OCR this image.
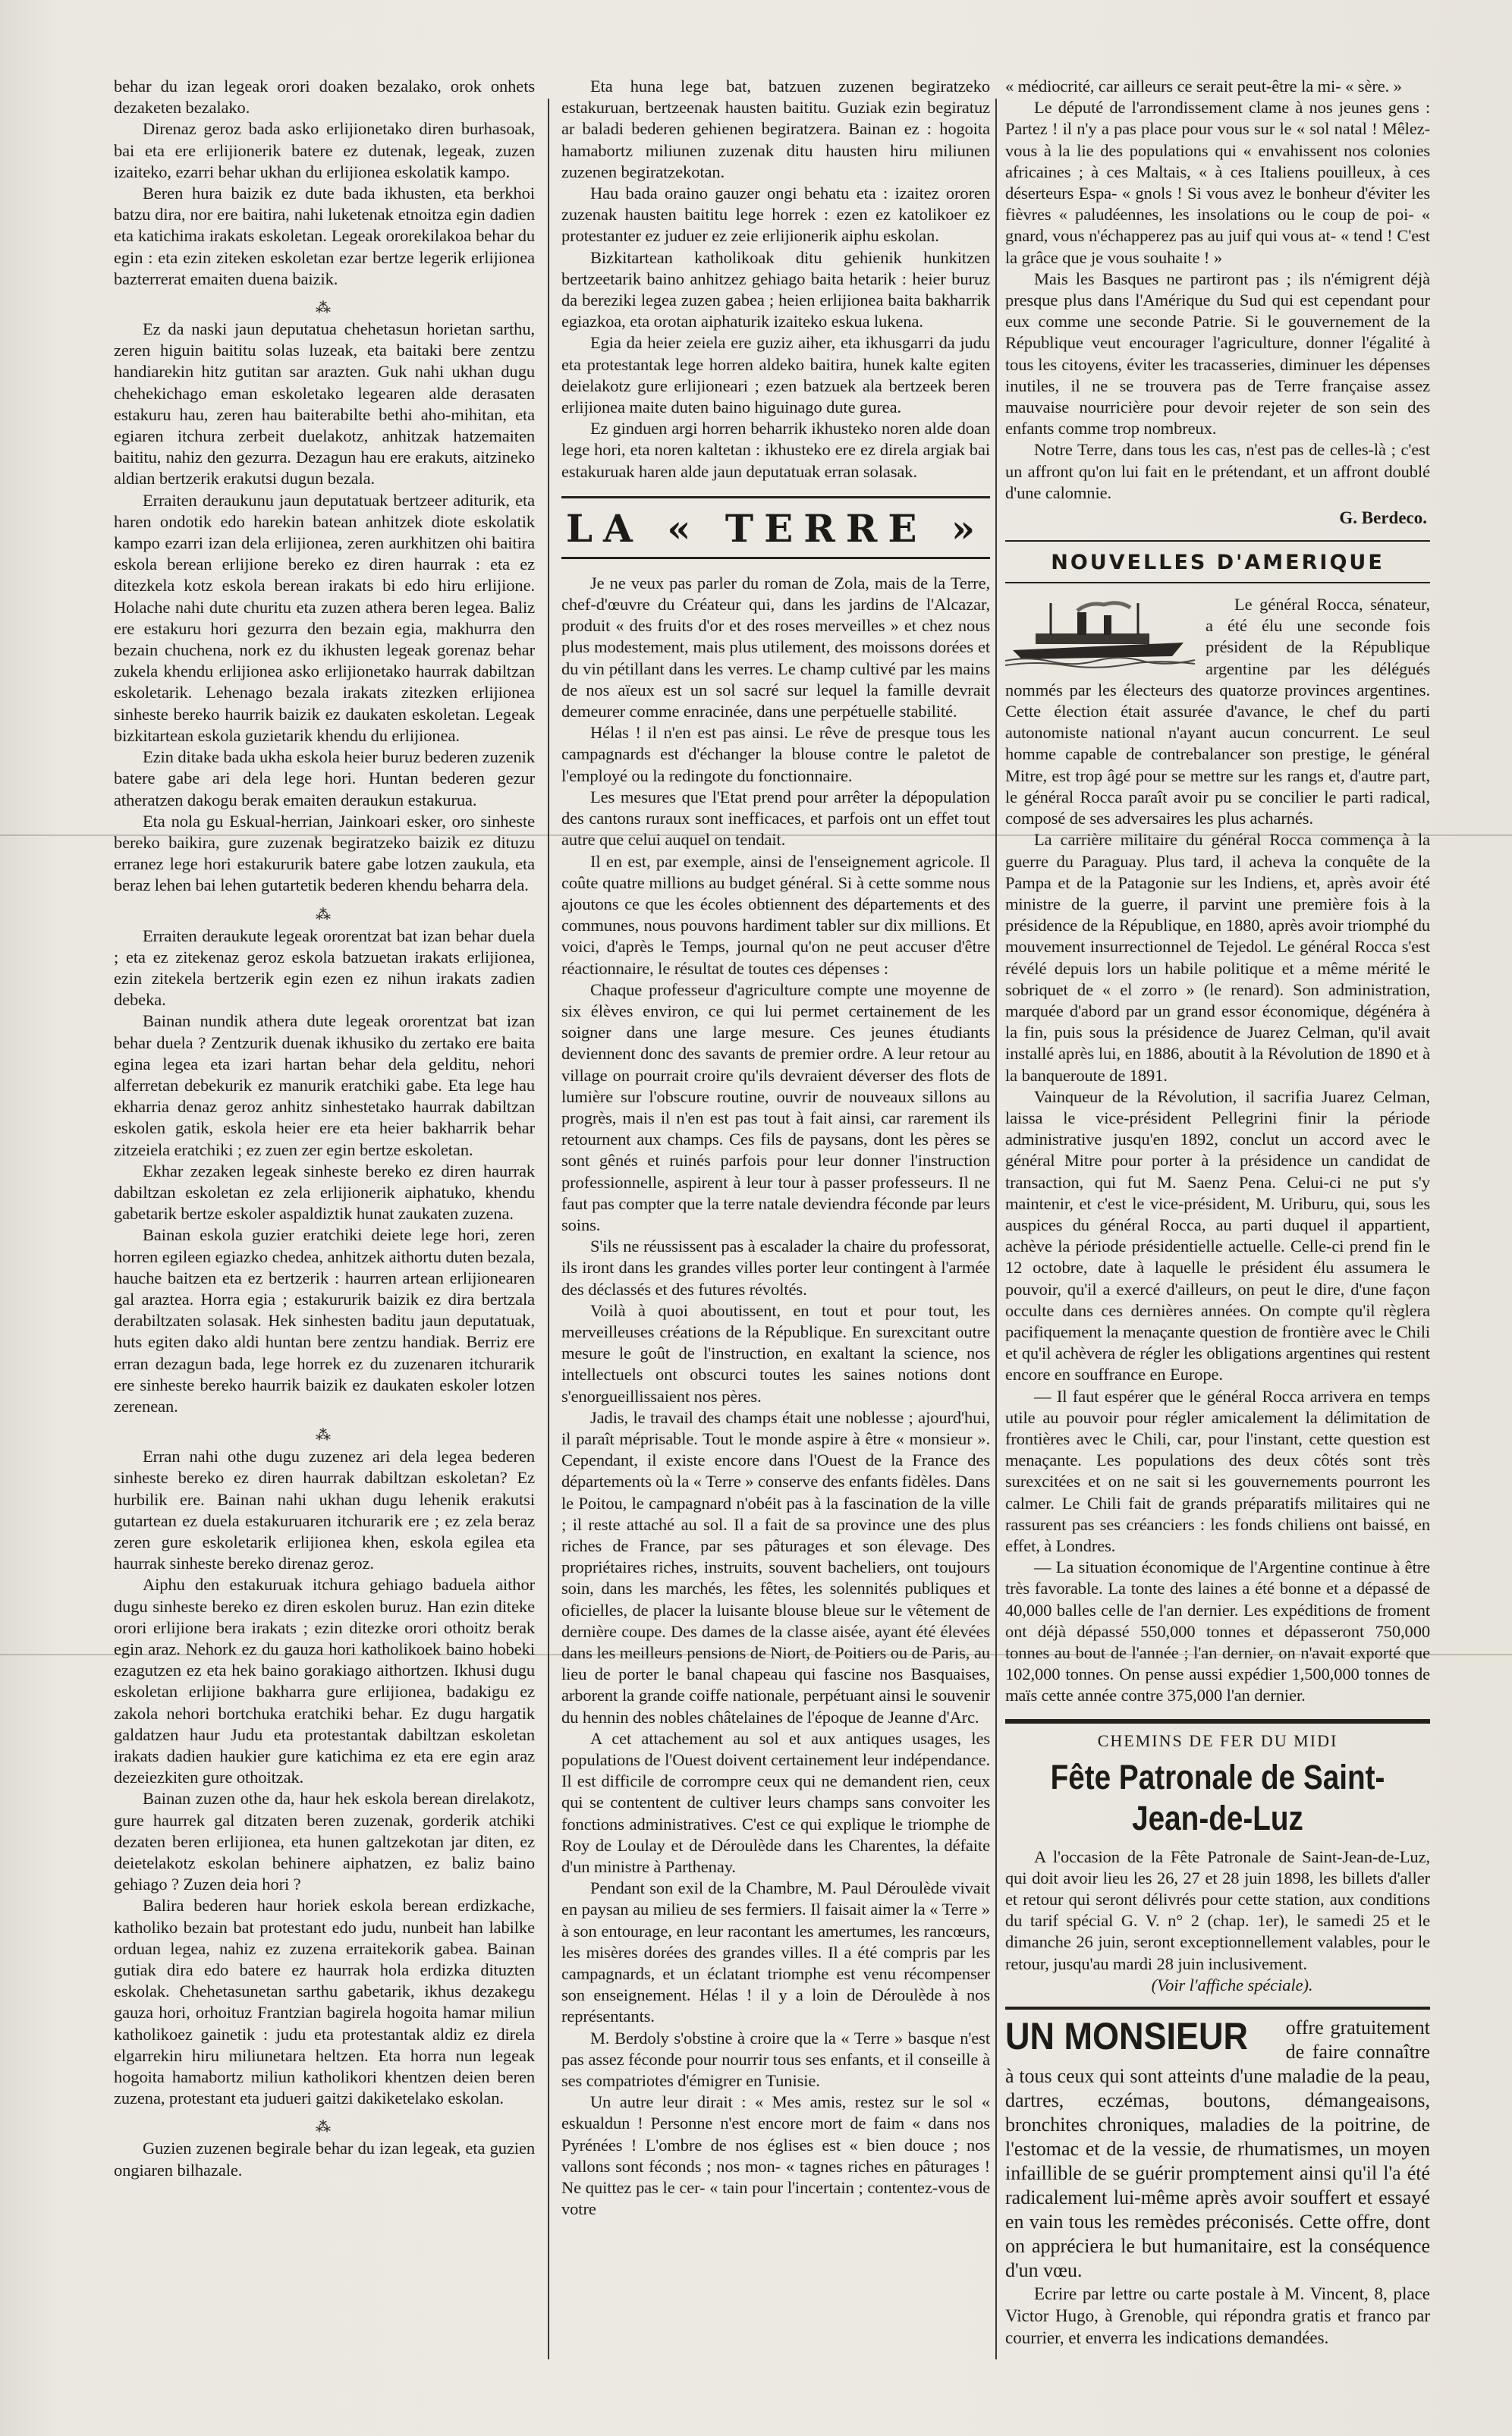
behar du izan legeak orori doaken bezalako, orok onhets dezaketen bezalako.

Direnaz geroz bada asko erlijionetako diren burhasoak, bai eta ere erlijionerik batere ez dutenak, legeak, zuzen izaiteko, ezarri behar ukhan du erlijionea eskolatik kampo.

Beren hura baizik ez dute bada ikhusten, eta berkhoi batzu dira, nor ere baitira, nahi luketenak etnoitza egin dadien eta katichima irakats eskoletan. Legeak ororekilakoa behar du egin : eta ezin ziteken eskoletan ezar bertze legerik erlijionea bazterrerat emaiten duena baizik.

⁂

Ez da naski jaun deputatua chehetasun horietan sarthu, zeren higuin baititu solas luzeak, eta baitaki bere zentzu handiarekin hitz gutitan sar arazten. Guk nahi ukhan dugu chehekichago eman eskoletako legearen alde derasaten estakuru hau, zeren hau baiterabilte bethi aho-mihitan, eta egiaren itchura zerbeit duelakotz, anhitzak hatzemaiten baititu, nahiz den gezurra. Dezagun hau ere erakuts, aitzineko aldian bertzerik erakutsi dugun bezala.

Erraiten deraukunu jaun deputatuak bertzeer aditurik, eta haren ondotik edo harekin batean anhitzek diote eskolatik kampo ezarri izan dela erlijionea, zeren aurkhitzen ohi baitira eskola berean erlijione bereko ez diren haurrak : eta ez ditezkela kotz eskola berean irakats bi edo hiru erlijione. Holache nahi dute churitu eta zuzen athera beren legea. Baliz ere estakuru hori gezurra den bezain egia, makhurra den bezain chuchena, nork ez du ikhusten legeak gorenaz behar zukela khendu erlijionea asko erlijionetako haurrak dabiltzan eskoletarik. Lehenago bezala irakats zitezken erlijionea sinheste bereko haurrik baizik ez daukaten eskoletan. Legeak bizkitartean eskola guzietarik khendu du erlijionea.

Ezin ditake bada ukha eskola heier buruz bederen zuzenik batere gabe ari dela lege hori. Huntan bederen gezur atheratzen dakogu berak emaiten deraukun estakurua.

Eta nola gu Eskual-herrian, Jainkoari esker, oro sinheste bereko baikira, gure zuzenak begiratzeko baizik ez dituzu erranez lege hori estakururik batere gabe lotzen zaukula, eta beraz lehen bai lehen gutartetik bederen khendu beharra dela.

⁂

Erraiten deraukute legeak ororentzat bat izan behar duela ; eta ez zitekenaz geroz eskola batzuetan irakats erlijionea, ezin zitekela bertzerik egin ezen ez nihun irakats zadien debeka.

Bainan nundik athera dute legeak ororentzat bat izan behar duela ? Zentzurik duenak ikhusiko du zertako ere baita egina legea eta izari hartan behar dela gelditu, nehori alferretan debekurik ez manurik eratchiki gabe. Eta lege hau ekharria denaz geroz anhitz sinhestetako haurrak dabiltzan eskolen gatik, eskola heier ere eta heier bakharrik behar zitzeiela eratchiki ; ez zuen zer egin bertze eskoletan.

Ekhar zezaken legeak sinheste bereko ez diren haurrak dabiltzan eskoletan ez zela erlijionerik aiphatuko, khendu gabetarik bertze eskoler aspaldiztik hunat zaukaten zuzena.

Bainan eskola guzier eratchiki deiete lege hori, zeren horren egileen egiazko chedea, anhitzek aithortu duten bezala, hauche baitzen eta ez bertzerik : haurren artean erlijionearen gal araztea. Horra egia ; estakururik baizik ez dira bertzala derabiltzaten solasak. Hek sinhesten baditu jaun deputatuak, huts egiten dako aldi huntan bere zentzu handiak. Berriz ere erran dezagun bada, lege horrek ez du zuzenaren itchurarik ere sinheste bereko haurrik baizik ez daukaten eskoler lotzen zerenean.

⁂

Erran nahi othe dugu zuzenez ari dela legea bederen sinheste bereko ez diren haurrak dabiltzan eskoletan? Ez hurbilik ere. Bainan nahi ukhan dugu lehenik erakutsi gutartean ez duela estakuruaren itchurarik ere ; ez zela beraz zeren gure eskoletarik erlijionea khen, eskola egilea eta haurrak sinheste bereko direnaz geroz.

Aiphu den estakuruak itchura gehiago baduela aithor dugu sinheste bereko ez diren eskolen buruz. Han ezin ditekе orori erlijione bera irakats ; ezin ditezke orori othoitz berak egin araz. Nehork ez du gauza hori katholikoek baino hobeki ezagutzen ez eta hek baino gorakiago aithortzen. Ikhusi dugu eskoletan erlijione bakharra gure erlijionea, badakigu ez zakola nehori bortchuka eratchiki behar. Ez dugu hargatik galdatzen haur Judu eta protestantak dabiltzan eskoletan irakats dadien haukier gure katichima ez eta ere egin araz dezeiezkiten gure othoitzak.

Bainan zuzen othe da, haur hek eskola berean direlakotz, gure haurrek gal ditzaten beren zuzenak, gorderik atchiki dezaten beren erlijionea, eta hunen galtzekotan jar diten, ez deietelakotz eskolan behinere aiphatzen, ez baliz baino gehiago ? Zuzen deia hori ?

Balira bederen haur horiek eskola berean erdizkache, katholiko bezain bat protestant edo judu, nunbeit han labilke orduan legea, nahiz ez zuzena erraitekorik gabea. Bainan gutiak dira edo batere ez haurrak hola erdizka dituzten eskolak. Chehetasunetan sarthu gabetarik, ikhus dezakegu gauza hori, orhoituz Frantzian bagirela hogoita hamar miliun katholikoez gainetik : judu eta protestantak aldiz ez direla elgarrekin hiru miliunetara heltzen. Eta horra nun legeak hogoita hamabortz miliun katholikori khentzen deien beren zuzena, protestant eta judueri gaitzi dakiketelako eskolan.

⁂

Guzien zuzenen begirale behar du izan legeak, eta guzien ongiaren bilhazale.

Eta huna lege bat, batzuen zuzenen begiratzeko estakuruan, bertzeenak hausten baititu. Guziak ezin begiratuz ar baladi bederen gehienen begiratzera. Bainan ez : hogoita hamabortz miliunen zuzenak ditu hausten hiru miliunen zuzenen begiratzekotan.

Hau bada oraino gauzer ongi behatu eta : izaitez ororen zuzenak hausten baititu lege horrek : ezen ez katolikoer ez protestanter ez juduer ez zeie erlijionerik aiphu eskolan.

Bizkitartean katholikoak ditu gehienik hunkitzen bertzeetarik baino anhitzez gehiago baita hetarik : heier buruz da bereziki legea zuzen gabea ; heien erlijionea baita bakharrik egiazkoa, eta orotan aiphaturik izaiteko eskua lukena.

Egia da heier zeiela ere guziz aiher, eta ikhusgarri da judu eta protestantak lege horren aldeko baitira, hunek kalte egiten deielakotz gure erlijioneari ; ezen batzuek ala bertzeek beren erlijionea maite duten baino higuinago dute gurea.

Ez ginduen argi horren beharrik ikhusteko noren alde doan lege hori, eta noren kaltetan : ikhusteko ere ez direla argiak bai estakuruak haren alde jaun deputatuak erran solasak.

LA « TERRE »

Je ne veux pas parler du roman de Zola, mais de la Terre, chef-d'œuvre du Créateur qui, dans les jardins de l'Alcazar, produit « des fruits d'or et des roses merveilles » et chez nous plus modestement, mais plus utilement, des moissons dorées et du vin pétillant dans les verres. Le champ cultivé par les mains de nos aïeux est un sol sacré sur lequel la famille devrait demeurer comme enracinée, dans une perpétuelle stabilité.

Hélas ! il n'en est pas ainsi. Le rêve de presque tous les campagnards est d'échanger la blouse contre le paletot de l'employé ou la redingote du fonctionnaire.

Les mesures que l'Etat prend pour arrêter la dépopulation des cantons ruraux sont inefficaces, et parfois ont un effet tout autre que celui auquel on tendait.

Il en est, par exemple, ainsi de l'enseignement agricole. Il coûte quatre millions au budget général. Si à cette somme nous ajoutons ce que les écoles obtiennent des départements et des communes, nous pouvons hardiment tabler sur dix millions. Et voici, d'après le Temps, journal qu'on ne peut accuser d'être réactionnaire, le résultat de toutes ces dépenses :

Chaque professeur d'agriculture compte une moyenne de six élèves environ, ce qui lui permet certainement de les soigner dans une large mesure. Ces jeunes étudiants deviennent donc des savants de premier ordre. A leur retour au village on pourrait croire qu'ils devraient déverser des flots de lumière sur l'obscure routine, ouvrir de nouveaux sillons au progrès, mais il n'en est pas tout à fait ainsi, car rarement ils retournent aux champs. Ces fils de paysans, dont les pères se sont gênés et ruinés parfois pour leur donner l'instruction professionnelle, aspirent à leur tour à passer professeurs. Il ne faut pas compter que la terre natale deviendra féconde par leurs soins.

S'ils ne réussissent pas à escalader la chaire du professorat, ils iront dans les grandes villes porter leur contingent à l'armée des déclassés et des futures révoltés.

Voilà à quoi aboutissent, en tout et pour tout, les merveilleuses créations de la République. En surexcitant outre mesure le goût de l'instruction, en exaltant la science, nos intellectuels ont obscurci toutes les saines notions dont s'enorgueillissaient nos pères.

Jadis, le travail des champs était une noblesse ; ajourd'hui, il paraît méprisable. Tout le monde aspire à être « monsieur ». Cependant, il existe encore dans l'Ouest de la France des départements où la « Terre » conserve des enfants fidèles. Dans le Poitou, le campagnard n'obéit pas à la fascination de la ville ; il reste attaché au sol. Il a fait de sa province une des plus riches de France, par ses pâturages et son élevage. Des propriétaires riches, instruits, souvent bacheliers, ont toujours soin, dans les marchés, les fêtes, les solennités publiques et oficielles, de placer la luisante blouse bleue sur le vêtement de dernière coupe. Des dames de la classe aisée, ayant été élevées dans les meilleurs pensions de Niort, de Poitiers ou de Paris, au lieu de porter le banal chapeau qui fascine nos Basquaises, arborent la grande coiffe nationale, perpétuant ainsi le souvenir du hennin des nobles châtelaines de l'époque de Jeanne d'Arc.

A cet attachement au sol et aux antiques usages, les populations de l'Ouest doivent certainement leur indépendance. Il est difficile de corrompre ceux qui ne demandent rien, ceux qui se contentent de cultiver leurs champs sans convoiter les fonctions administratives. C'est ce qui explique le triomphe de Roy de Loulay et de Déroulède dans les Charentes, la défaite d'un ministre à Parthenay.

Pendant son exil de la Chambre, M. Paul Déroulède vivait en paysan au milieu de ses fermiers. Il faisait aimer la « Terre » à son entourage, en leur racontant les amertumes, les rancœurs, les misères dorées des grandes villes. Il a été compris par les campagnards, et un éclatant triomphe est venu récompenser son enseignement. Hélas ! il y a loin de Déroulède à nos représentants.

M. Berdoly s'obstine à croire que la « Terre » basque n'est pas assez féconde pour nourrir tous ses enfants, et il conseille à ses compatriotes d'émigrer en Tunisie.

Un autre leur dirait : « Mes amis, restez sur le sol « eskualdun ! Personne n'est encore mort de faim « dans nos Pyrénées ! L'ombre de nos églises est « bien douce ; nos vallons sont féconds ; nos mon- « tagnes riches en pâturages ! Ne quittez pas le cer- « tain pour l'incertain ; contentez-vous de votre

« médiocrité, car ailleurs ce serait peut-être la mi- « sère. »

Le député de l'arrondissement clame à nos jeunes gens : Partez ! il n'y a pas place pour vous sur le « sol natal ! Mêlez-vous à la lie des populations qui « envahissent nos colonies africaines ; à ces Maltais, « à ces Italiens pouilleux, à ces déserteurs Espa- « gnols ! Si vous avez le bonheur d'éviter les fièvres « paludéennes, les insolations ou le coup de poi- « gnard, vous n'échapperez pas au juif qui vous at- « tend ! C'est la grâce que je vous souhaite ! »

Mais les Basques ne partiront pas ; ils n'émigrent déjà presque plus dans l'Amérique du Sud qui est cependant pour eux comme une seconde Patrie. Si le gouvernement de la République veut encourager l'agriculture, donner l'égalité à tous les citoyens, éviter les tracasseries, diminuer les dépenses inutiles, il ne se trouvera pas de Terre française assez mauvaise nourricière pour devoir rejeter de son sein des enfants comme trop nombreux.

Notre Terre, dans tous les cas, n'est pas de celles-là ; c'est un affront qu'on lui fait en le prétendant, et un affront doublé d'une calomnie.

G. Berdeco.
NOUVELLES D'AMERIQUE

Le général Rocca, sénateur, a été élu une seconde fois président de la République argentine par les délégués nommés par les électeurs des quatorze provinces argentines. Cette élection était assurée d'avance, le chef du parti autonomiste national n'ayant aucun concurrent. Le seul homme capable de contrebalancer son prestige, le général Mitre, est trop âgé pour se mettre sur les rangs et, d'autre part, le général Rocca paraît avoir pu se concilier le parti radical, composé de ses adversaires les plus acharnés.

La carrière militaire du général Rocca commença à la guerre du Paraguay. Plus tard, il acheva la conquête de la Pampa et de la Patagonie sur les Indiens, et, après avoir été ministre de la guerre, il parvint une première fois à la présidence de la République, en 1880, après avoir triomphé du mouvement insurrectionnel de Tejedol. Le général Rocca s'est révélé depuis lors un habile politique et a même mérité le sobriquet de « el zorro » (le renard). Son administration, marquée d'abord par un grand essor économique, dégénéra à la fin, puis sous la présidence de Juarez Celman, qu'il avait installé après lui, en 1886, aboutit à la Révolution de 1890 et à la banqueroute de 1891.

Vainqueur de la Révolution, il sacrifia Juarez Celman, laissa le vice-président Pellegrini finir la période administrative jusqu'en 1892, conclut un accord avec le général Mitre pour porter à la présidence un candidat de transaction, qui fut M. Saenz Pena. Celui-ci ne put s'y maintenir, et c'est le vice-président, M. Uriburu, qui, sous les auspices du général Rocca, au parti duquel il appartient, achève la période présidentielle actuelle. Celle-ci prend fin le 12 octobre, date à laquelle le président élu assumera le pouvoir, qu'il a exercé d'ailleurs, on peut le dire, d'une façon occulte dans ces dernières années. On compte qu'il règlera pacifiquement la menaçante question de frontière avec le Chili et qu'il achèvera de régler les obligations argentines qui restent encore en souffrance en Europe.

— Il faut espérer que le général Rocca arrivera en temps utile au pouvoir pour régler amicalement la délimitation de frontières avec le Chili, car, pour l'instant, cette question est menaçante. Les populations des deux côtés sont très surexcitées et on ne sait si les gouvernements pourront les calmer. Le Chili fait de grands préparatifs militaires qui ne rassurent pas ses créanciers : les fonds chiliens ont baissé, en effet, à Londres.

— La situation économique de l'Argentine continue à être très favorable. La tonte des laines a été bonne et a dépassé de 40,000 balles celle de l'an dernier. Les expéditions de froment ont déjà dépassé 550,000 tonnes et dépasseront 750,000 tonnes au bout de l'année ; l'an dernier, on n'avait exporté que 102,000 tonnes. On pense aussi expédier 1,500,000 tonnes de maïs cette année contre 375,000 l'an dernier.

CHEMINS DE FER DU MIDI
Fête Patronale de Saint-Jean-de-Luz

A l'occasion de la Fête Patronale de Saint-Jean-de-Luz, qui doit avoir lieu les 26, 27 et 28 juin 1898, les billets d'aller et retour qui seront délivrés pour cette station, aux conditions du tarif spécial G. V. n° 2 (chap. 1er), le samedi 25 et le dimanche 26 juin, seront exceptionnellement valables, pour le retour, jusqu'au mardi 28 juin inclusivement.

(Voir l'affiche spéciale).

UN MONSIEUR	offre gratuitement de faire connaître à tous ceux qui sont atteints d'une maladie de la peau, dartres, eczémas, boutons, démangeaisons, bronchites chroniques, maladies de la poitrine, de l'estomac et de la vessie, de rhumatismes, un moyen infaillible de se guérir promptement ainsi qu'il l'a été radicalement lui-même après avoir souffert et essayé en vain tous les remèdes préconisés. Cette offre, dont on appréciera le but humanitaire, est la conséquence d'un vœu.

Ecrire par lettre ou carte postale à M. Vincent, 8, place Victor Hugo, à Grenoble, qui répondra gratis et franco par courrier, et enverra les indications demandées.
